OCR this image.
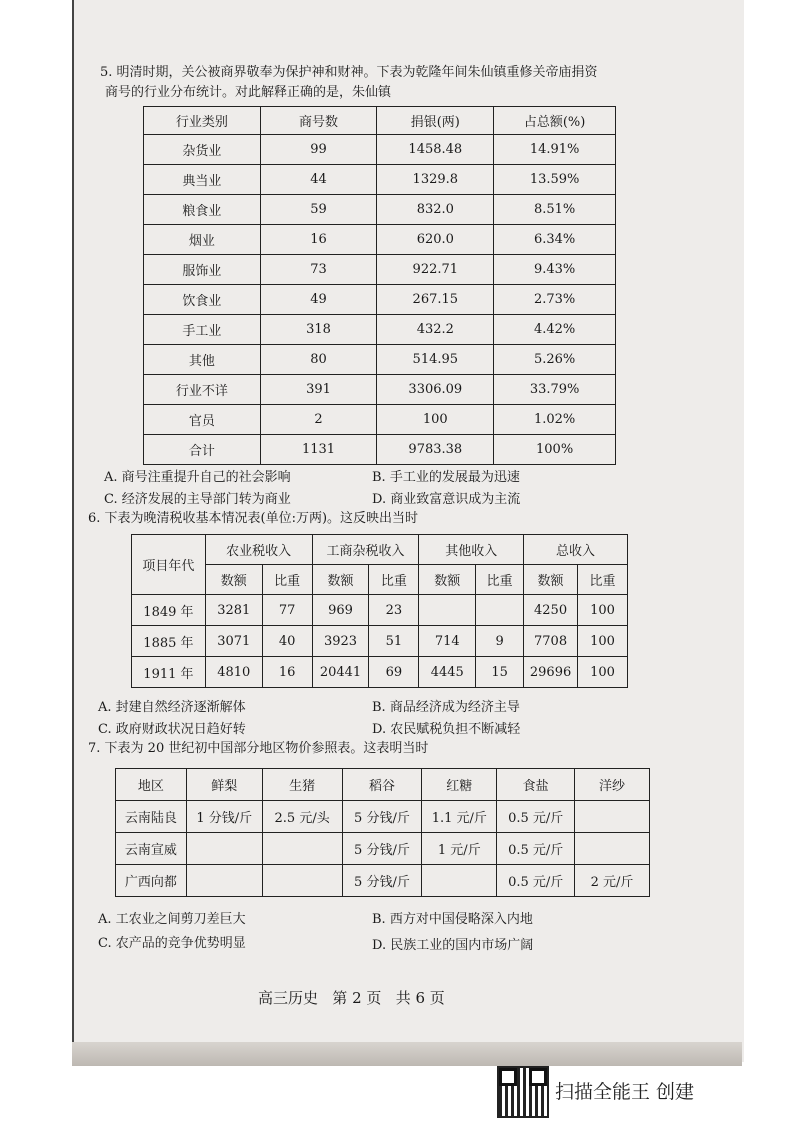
5. 明清时期，关公被商界敬奉为保护神和财神。下表为乾隆年间朱仙镇重修关帝庙捐资
商号的行业分布统计。对此解释正确的是，朱仙镇
行业类别	商号数	捐银(两)	占总额(%)
杂货业	99	1458.48	14.91%
典当业	44	1329.8	13.59%
粮食业	59	832.0	8.51%
烟业	16	620.0	6.34%
服饰业	73	922.71	9.43%
饮食业	49	267.15	2.73%
手工业	318	432.2	4.42%
其他	80	514.95	5.26%
行业不详	391	3306.09	33.79%
官员	2	100	1.02%
合计	1131	9783.38	100%
A. 商号注重提升自己的社会影响	B. 手工业的发展最为迅速
C. 经济发展的主导部门转为商业	D. 商业致富意识成为主流
6. 下表为晚清税收基本情况表(单位:万两)。这反映出当时
项目年代	农业税收入		工商杂税收入		其他收入		总收入	
	数额	比重	数额	比重	数额	比重	数额	比重
1849 年	3281	77	969	23			4250	100
1885 年	3071	40	3923	51	714	9	7708	100
1911 年	4810	16	20441	69	4445	15	29696	100
A. 封建自然经济逐渐解体	B. 商品经济成为经济主导
C. 政府财政状况日趋好转	D. 农民赋税负担不断减轻
7. 下表为 20 世纪初中国部分地区物价参照表。这表明当时
地区	鲜梨	生猪	稻谷	红糖	食盐	洋纱
云南陆良	1 分钱/斤	2.5 元/头	5 分钱/斤	1.1 元/斤	0.5 元/斤	
云南宣威			5 分钱/斤	1 元/斤	0.5 元/斤	
广西向都			5 分钱/斤		0.5 元/斤	2 元/斤
A. 工农业之间剪刀差巨大	B. 西方对中国侵略深入内地
C. 农产品的竞争优势明显	D. 民族工业的国内市场广阔
高三历史   第 2 页   共 6 页
扫描全能王 创建
